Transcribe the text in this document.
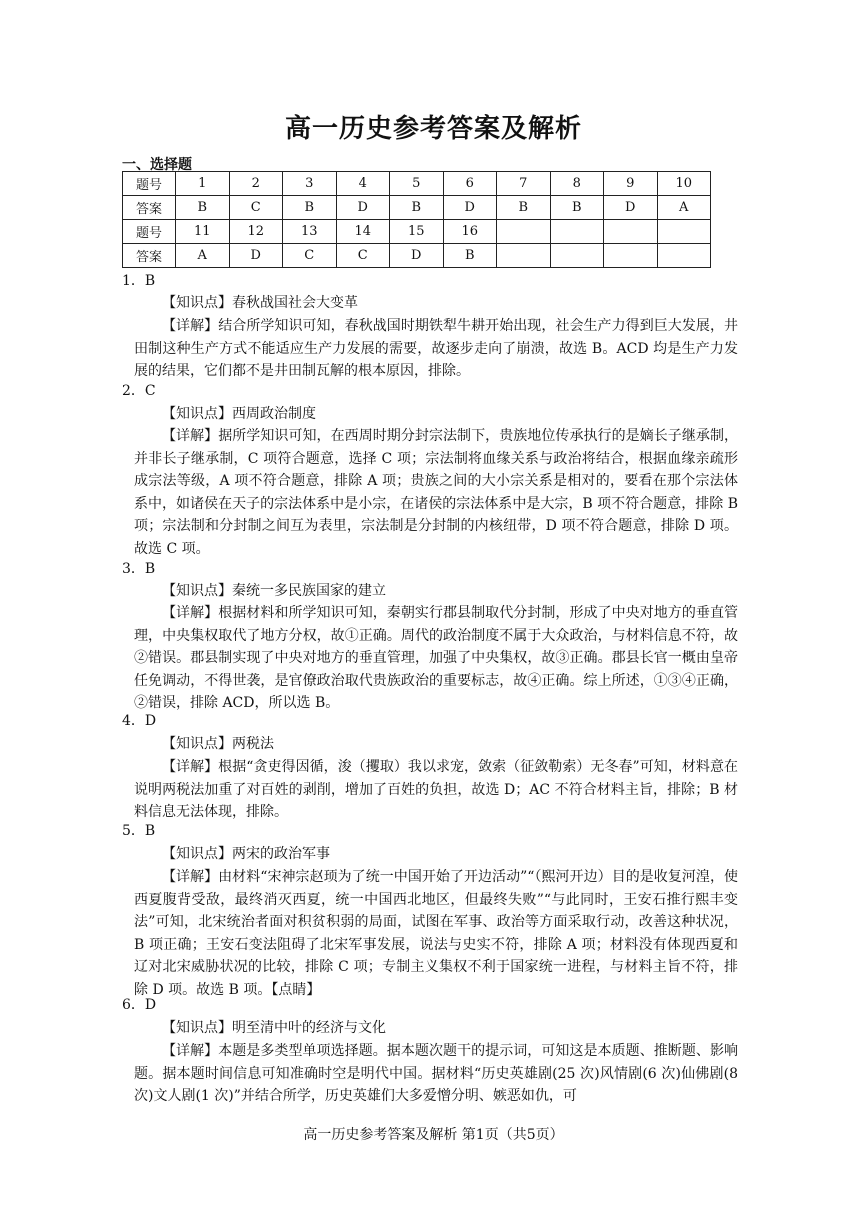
高一历史参考答案及解析
一、选择题
题号	1	2	3	4	5	6	7	8	9	10
答案	B	C	B	D	B	D	B	B	D	A
题号	11	12	13	14	15	16				
答案	A	D	C	C	D	B				
1．B
【知识点】春秋战国社会大变革
【详解】结合所学知识可知，春秋战国时期铁犁牛耕开始出现，社会生产力得到巨大发展，井田制这种生产方式不能适应生产力发展的需要，故逐步走向了崩溃，故选 B。ACD 均是生产力发展的结果，它们都不是井田制瓦解的根本原因，排除。
2．C
【知识点】西周政治制度
【详解】据所学知识可知，在西周时期分封宗法制下，贵族地位传承执行的是嫡长子继承制，并非长子继承制，C 项符合题意，选择 C 项；宗法制将血缘关系与政治将结合，根据血缘亲疏形成宗法等级，A 项不符合题意，排除 A 项；贵族之间的大小宗关系是相对的，要看在那个宗法体系中，如诸侯在天子的宗法体系中是小宗，在诸侯的宗法体系中是大宗，B 项不符合题意，排除 B 项；宗法制和分封制之间互为表里，宗法制是分封制的内核纽带，D 项不符合题意，排除 D 项。故选 C 项。
3．B
【知识点】秦统一多民族国家的建立
【详解】根据材料和所学知识可知，秦朝实行郡县制取代分封制，形成了中央对地方的垂直管理，中央集权取代了地方分权，故①正确。周代的政治制度不属于大众政治，与材料信息不符，故②错误。郡县制实现了中央对地方的垂直管理，加强了中央集权，故③正确。郡县长官一概由皇帝任免调动，不得世袭，是官僚政治取代贵族政治的重要标志，故④正确。综上所述，①③④正确，②错误，排除 ACD，所以选 B。
4．D
【知识点】两税法
【详解】根据“贪吏得因循，浚（攫取）我以求宠，敛索（征敛勒索）无冬春”可知，材料意在说明两税法加重了对百姓的剥削，增加了百姓的负担，故选 D；AC 不符合材料主旨，排除；B 材料信息无法体现，排除。
5．B
【知识点】两宋的政治军事
【详解】由材料“宋神宗赵顼为了统一中国开始了开边活动”“（熙河开边）目的是收复河湟，使西夏腹背受敌，最终消灭西夏，统一中国西北地区，但最终失败”“与此同时，王安石推行熙丰变法”可知，北宋统治者面对积贫积弱的局面，试图在军事、政治等方面采取行动，改善这种状况，B 项正确；王安石变法阻碍了北宋军事发展，说法与史实不符，排除 A 项；材料没有体现西夏和辽对北宋威胁状况的比较，排除 C 项；专制主义集权不利于国家统一进程，与材料主旨不符，排除 D 项。故选 B 项。【点睛】
6．D
【知识点】明至清中叶的经济与文化
【详解】本题是多类型单项选择题。据本题次题干的提示词，可知这是本质题、推断题、影响题。据本题时间信息可知准确时空是明代中国。据材料“历史英雄剧(25 次)风情剧(6 次)仙佛剧(8 次)文人剧(1 次)”并结合所学，历史英雄们大多爱憎分明、嫉恶如仇，可
高一历史参考答案及解析 第1页（共5页）
